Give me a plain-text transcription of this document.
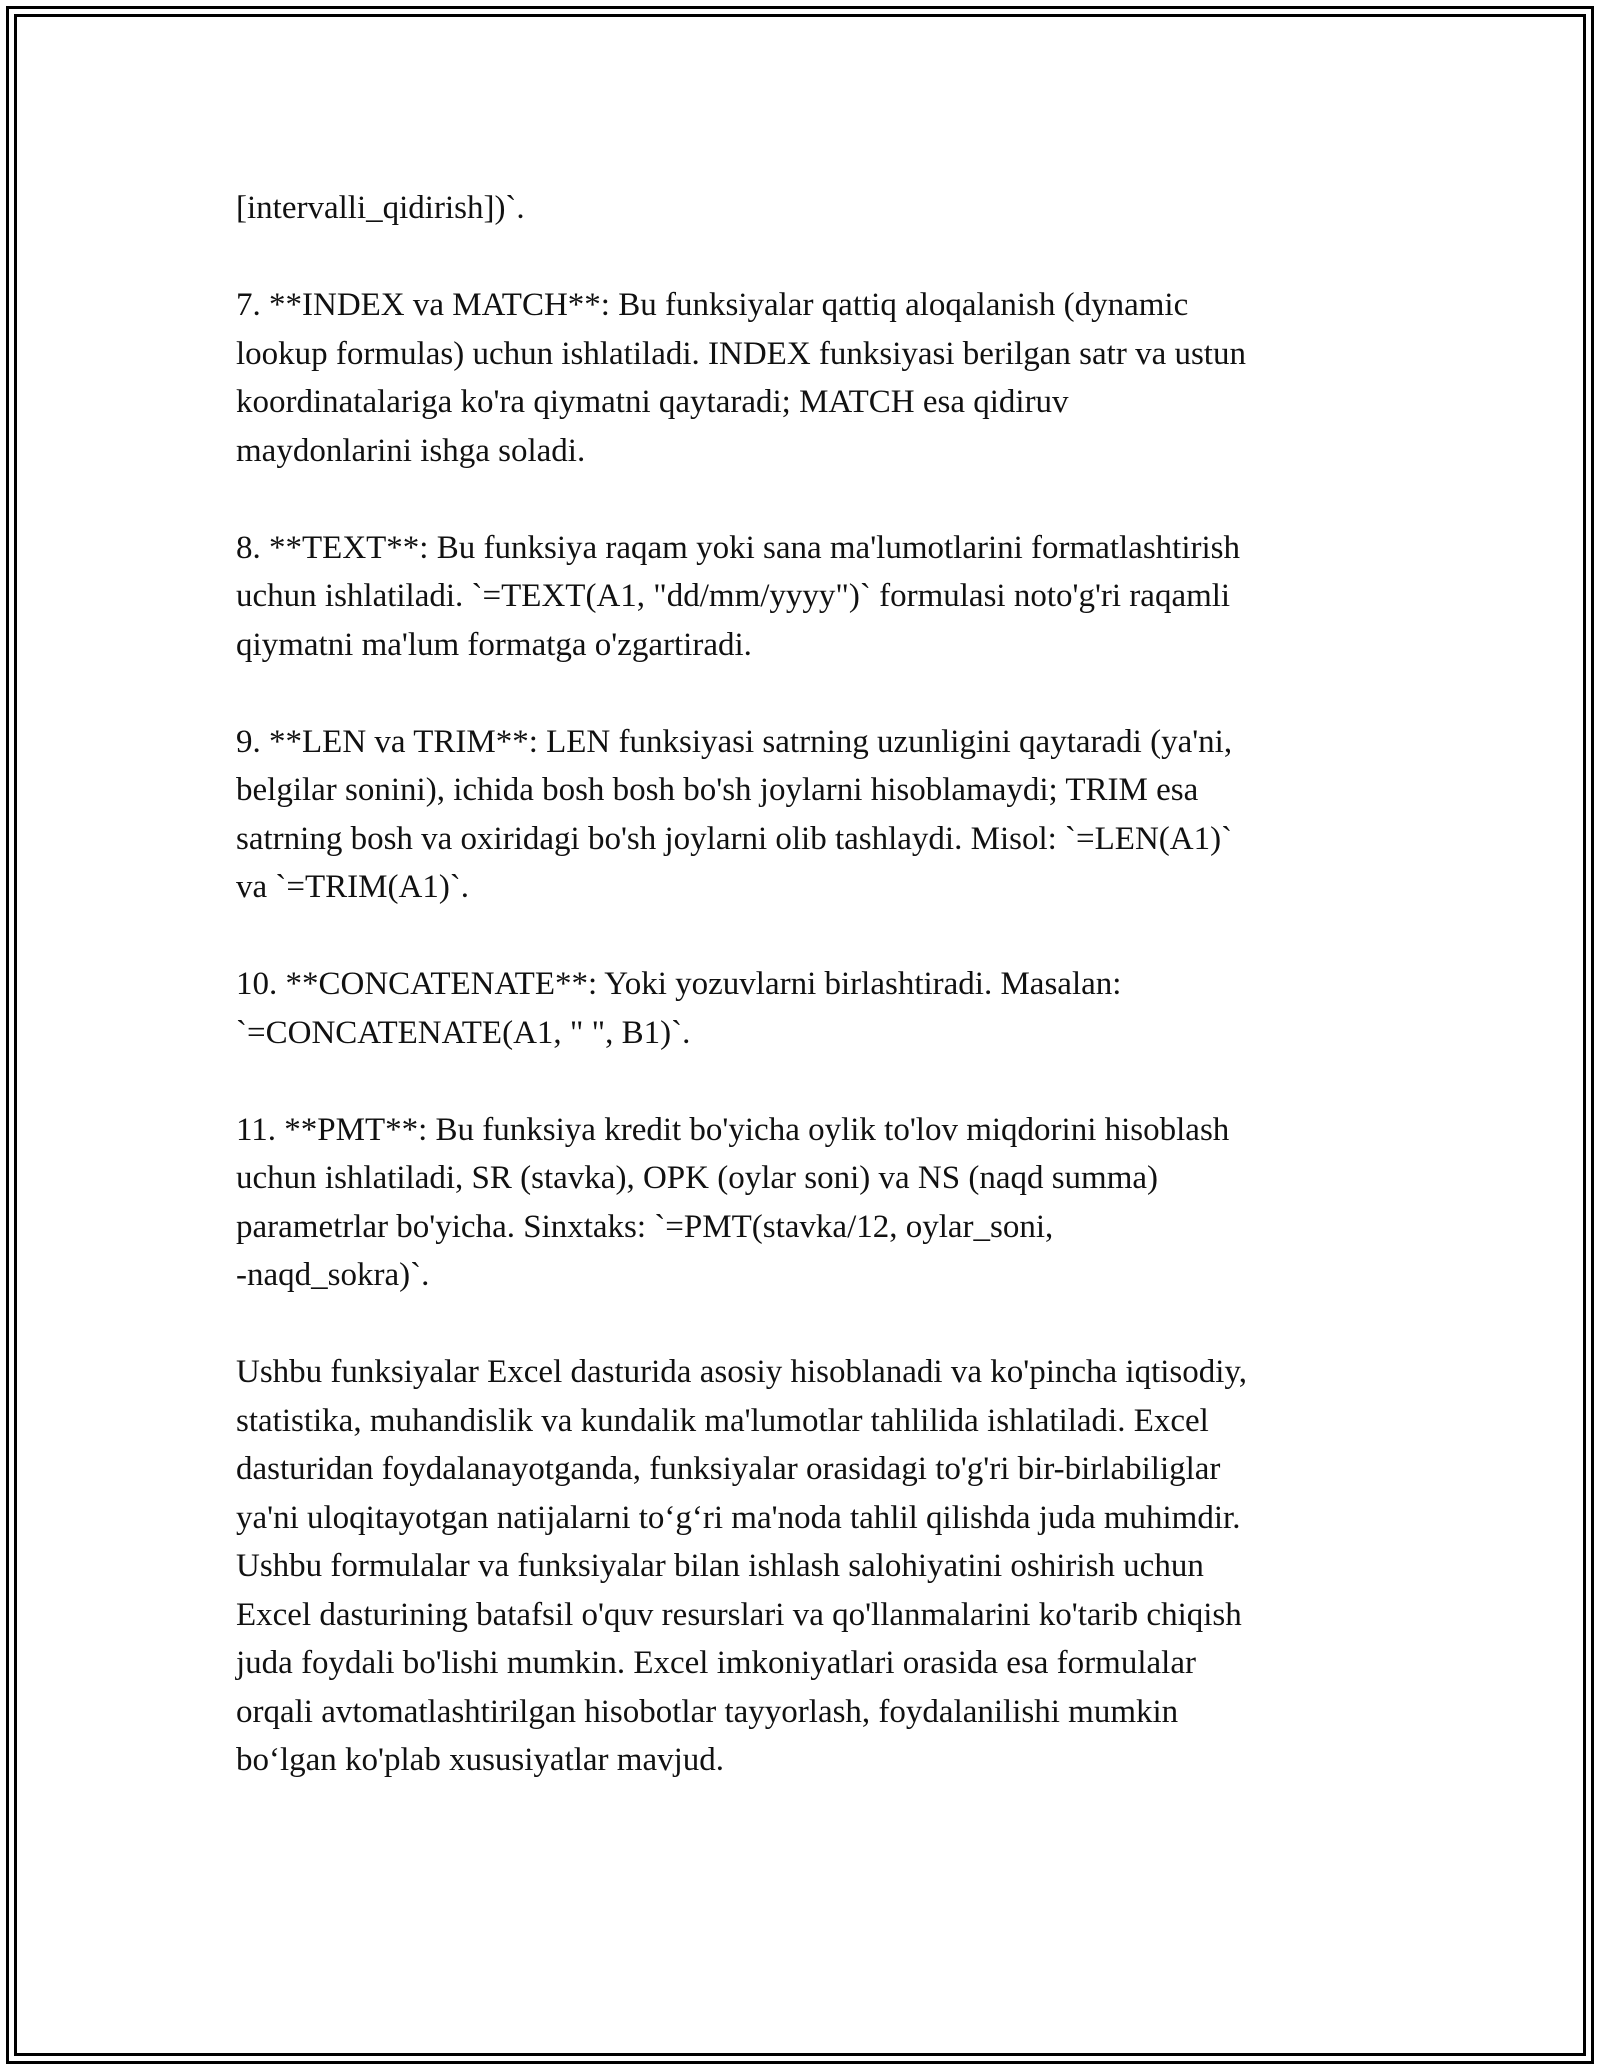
[intervalli_qidirish])`.

7. **INDEX va MATCH**: Bu funksiyalar qattiq aloqalanish (dynamic
lookup formulas) uchun ishlatiladi. INDEX funksiyasi berilgan satr va ustun
koordinatalariga ko'ra qiymatni qaytaradi; MATCH esa qidiruv
maydonlarini ishga soladi.

8. **TEXT**: Bu funksiya raqam yoki sana ma'lumotlarini formatlashtirish
uchun ishlatiladi. `=TEXT(A1, "dd/mm/yyyy")` formulasi noto'g'ri raqamli
qiymatni ma'lum formatga o'zgartiradi.

9. **LEN va TRIM**: LEN funksiyasi satrning uzunligini qaytaradi (ya'ni,
belgilar sonini), ichida bosh bosh bo'sh joylarni hisoblamaydi; TRIM esa
satrning bosh va oxiridagi bo'sh joylarni olib tashlaydi. Misol: `=LEN(A1)`
va `=TRIM(A1)`.

10. **CONCATENATE**: Yoki yozuvlarni birlashtiradi. Masalan:
`=CONCATENATE(A1, " ", B1)`.

11. **PMT**: Bu funksiya kredit bo'yicha oylik to'lov miqdorini hisoblash
uchun ishlatiladi, SR (stavka), OPK (oylar soni) va NS (naqd summa)
parametrlar bo'yicha. Sinxtaks: `=PMT(stavka/12, oylar_soni,
-naqd_sokra)`.

Ushbu funksiyalar Excel dasturida asosiy hisoblanadi va ko'pincha iqtisodiy,
statistika, muhandislik va kundalik ma'lumotlar tahlilida ishlatiladi. Excel
dasturidan foydalanayotganda, funksiyalar orasidagi to'g'ri bir-birlabiliglar
ya'ni uloqitayotgan natijalarni to‘g‘ri ma'noda tahlil qilishda juda muhimdir.
Ushbu formulalar va funksiyalar bilan ishlash salohiyatini oshirish uchun
Excel dasturining batafsil o'quv resurslari va qo'llanmalarini ko'tarib chiqish
juda foydali bo'lishi mumkin. Excel imkoniyatlari orasida esa formulalar
orqali avtomatlashtirilgan hisobotlar tayyorlash, foydalanilishi mumkin
bo‘lgan ko'plab xususiyatlar mavjud.
